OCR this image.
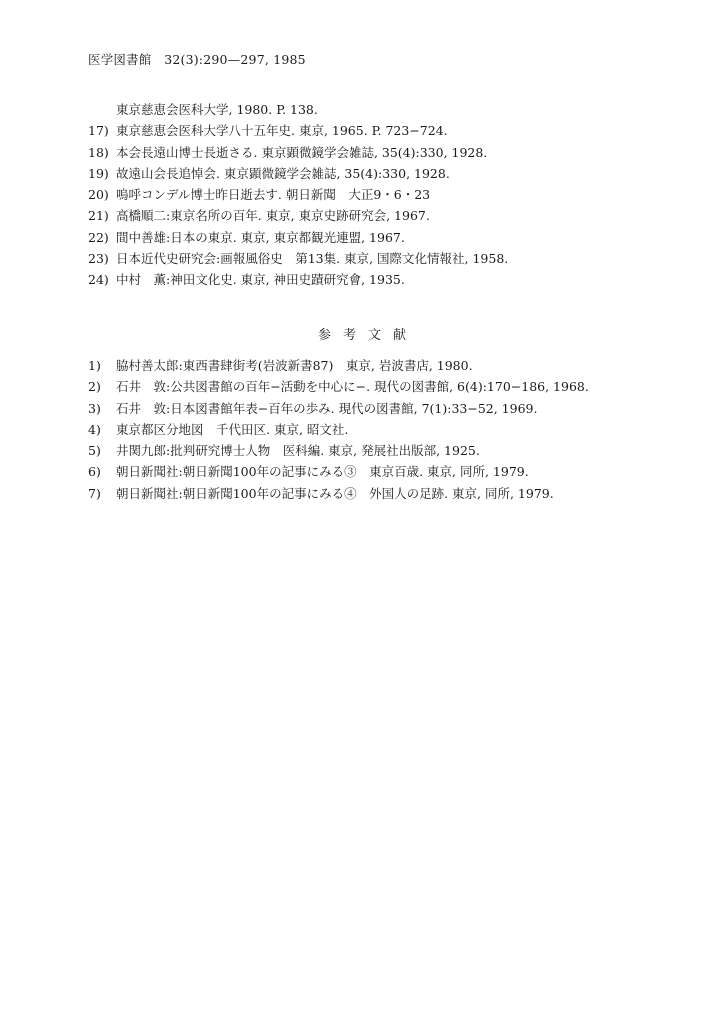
医学図書館　32(3):290—297, 1985
東京慈恵会医科大学, 1980. P. 138.
17) 東京慈恵会医科大学八十五年史. 東京, 1965. P. 723−724.
18) 本会長遠山博士長逝さる. 東京顕微鏡学会雑誌, 35(4):330, 1928.
19) 故遠山会長追悼会. 東京顕微鏡学会雑誌, 35(4):330, 1928.
20) 嗚呼コンデル博士昨日逝去す. 朝日新聞　大正9・6・23
21) 高橋順二:東京名所の百年. 東京, 東京史跡研究会, 1967.
22) 間中善雄:日本の東京. 東京, 東京都観光連盟, 1967.
23) 日本近代史研究会:画報風俗史　第13集. 東京, 国際文化情報社, 1958.
24) 中村　薫:神田文化史. 東京, 神田史蹟研究會, 1935.
参考文献
1)	脇村善太郎:東西書肆街考(岩波新書87)　東京, 岩波書店, 1980.
2)	石井　敦:公共図書館の百年−活動を中心に−. 現代の図書館, 6(4):170−186, 1968.
3)	石井　敦:日本図書館年表−百年の歩み. 現代の図書館, 7(1):33−52, 1969.
4)	東京都区分地図　千代田区. 東京, 昭文社.
5)	井関九郎:批判研究博士人物　医科編. 東京, 発展社出版部, 1925.
6)	朝日新聞社:朝日新聞100年の記事にみる③　東京百歳. 東京, 同所, 1979.
7)	朝日新聞社:朝日新聞100年の記事にみる④　外国人の足跡. 東京, 同所, 1979.
